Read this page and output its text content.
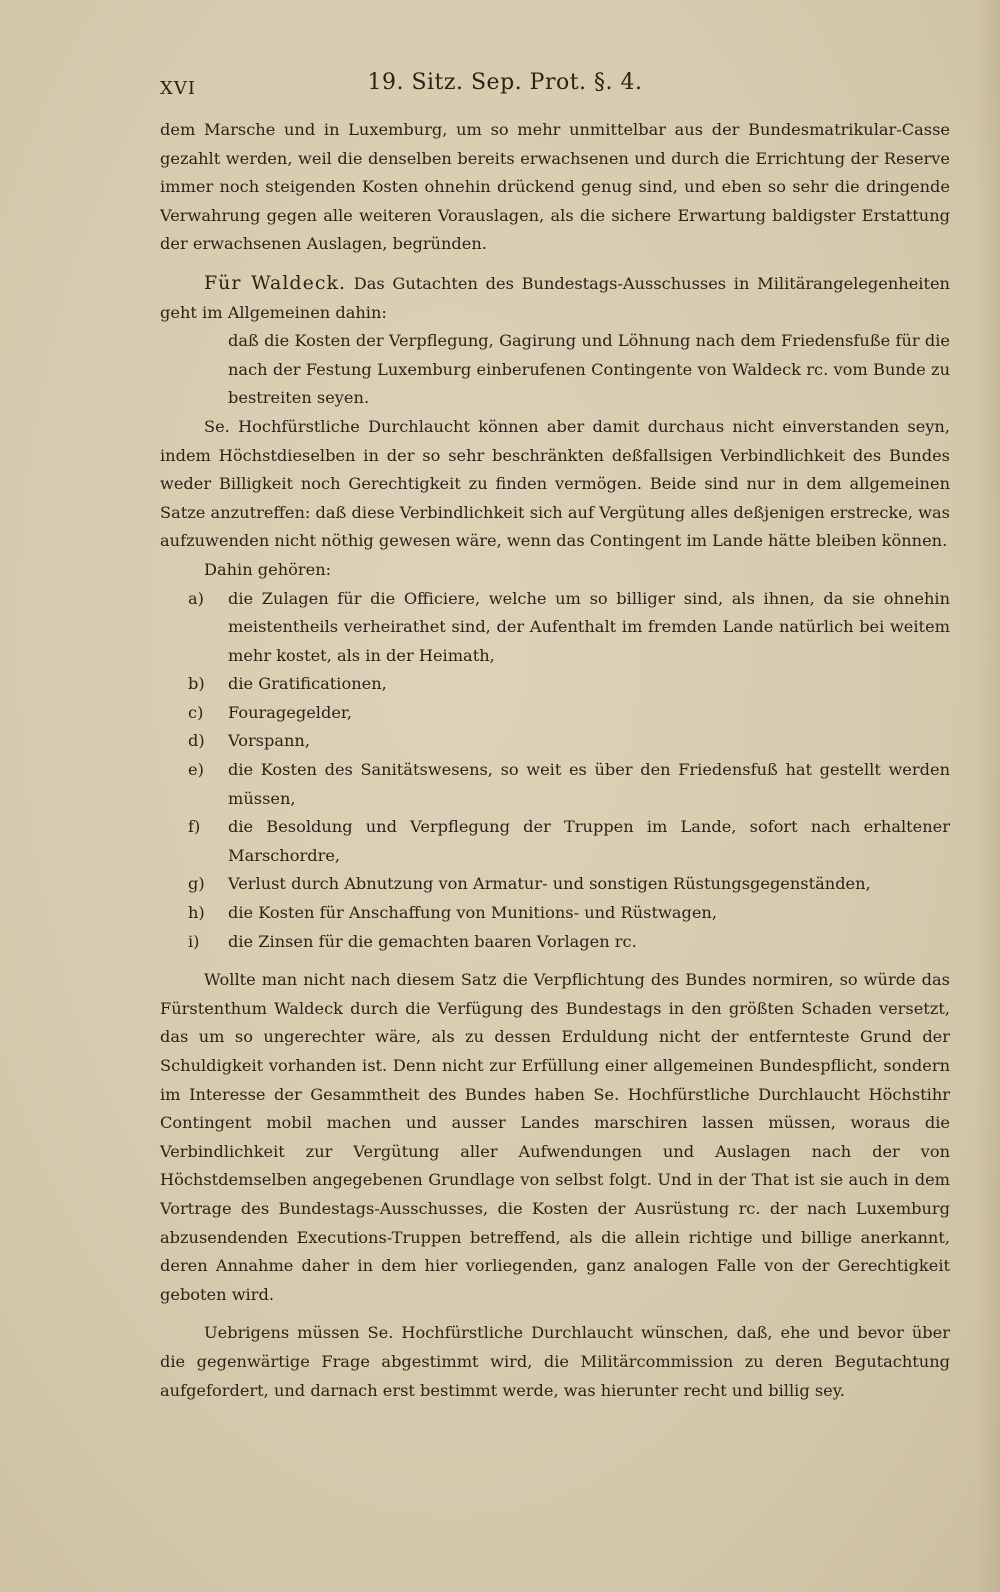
XVI	19. Sitz. Sep. Prot. §. 4.

dem Marsche und in Luxemburg, um so mehr unmittelbar aus der Bundesmatrikular-Casse gezahlt werden, weil die denselben bereits erwachsenen und durch die Errichtung der Reserve immer noch steigenden Kosten ohnehin drückend genug sind, und eben so sehr die dringende Verwahrung gegen alle weiteren Vorauslagen, als die sichere Erwartung baldigster Erstattung der erwachsenen Auslagen, begründen.

Für Waldeck. Das Gutachten des Bundestags-Ausschusses in Militärangelegenheiten geht im Allgemeinen dahin:

daß die Kosten der Verpflegung, Gagirung und Löhnung nach dem Friedensfuße für die nach der Festung Luxemburg einberufenen Contingente von Waldeck rc. vom Bunde zu bestreiten seyen.

Se. Hochfürstliche Durchlaucht können aber damit durchaus nicht einverstanden seyn, indem Höchstdieselben in der so sehr beschränkten deßfallsigen Verbindlichkeit des Bundes weder Billigkeit noch Gerechtigkeit zu finden vermögen. Beide sind nur in dem allgemeinen Satze anzutreffen: daß diese Verbindlichkeit sich auf Vergütung alles deßjenigen erstrecke, was aufzuwenden nicht nöthig gewesen wäre, wenn das Contingent im Lande hätte bleiben können.

Dahin gehören:

a) die Zulagen für die Officiere, welche um so billiger sind, als ihnen, da sie ohnehin meistentheils verheirathet sind, der Aufenthalt im fremden Lande natürlich bei weitem mehr kostet, als in der Heimath,
b) die Gratificationen,
c) Fouragegelder,
d) Vorspann,
e) die Kosten des Sanitätswesens, so weit es über den Friedensfuß hat gestellt werden müssen,
f) die Besoldung und Verpflegung der Truppen im Lande, sofort nach erhaltener Marschordre,
g) Verlust durch Abnutzung von Armatur- und sonstigen Rüstungsgegenständen,
h) die Kosten für Anschaffung von Munitions- und Rüstwagen,
i) die Zinsen für die gemachten baaren Vorlagen rc.

Wollte man nicht nach diesem Satz die Verpflichtung des Bundes normiren, so würde das Fürstenthum Waldeck durch die Verfügung des Bundestags in den größten Schaden versetzt, das um so ungerechter wäre, als zu dessen Erduldung nicht der entfernteste Grund der Schuldigkeit vorhanden ist. Denn nicht zur Erfüllung einer allgemeinen Bundespflicht, sondern im Interesse der Gesammtheit des Bundes haben Se. Hochfürstliche Durchlaucht Höchstihr Contingent mobil machen und ausser Landes marschiren lassen müssen, woraus die Verbindlichkeit zur Vergütung aller Aufwendungen und Auslagen nach der von Höchstdemselben angegebenen Grundlage von selbst folgt. Und in der That ist sie auch in dem Vortrage des Bundestags-Ausschusses, die Kosten der Ausrüstung rc. der nach Luxemburg abzusendenden Executions-Truppen betreffend, als die allein richtige und billige anerkannt, deren Annahme daher in dem hier vorliegenden, ganz analogen Falle von der Gerechtigkeit geboten wird.

Uebrigens müssen Se. Hochfürstliche Durchlaucht wünschen, daß, ehe und bevor über die gegenwärtige Frage abgestimmt wird, die Militärcommission zu deren Begutachtung aufgefordert, und darnach erst bestimmt werde, was hierunter recht und billig sey.
